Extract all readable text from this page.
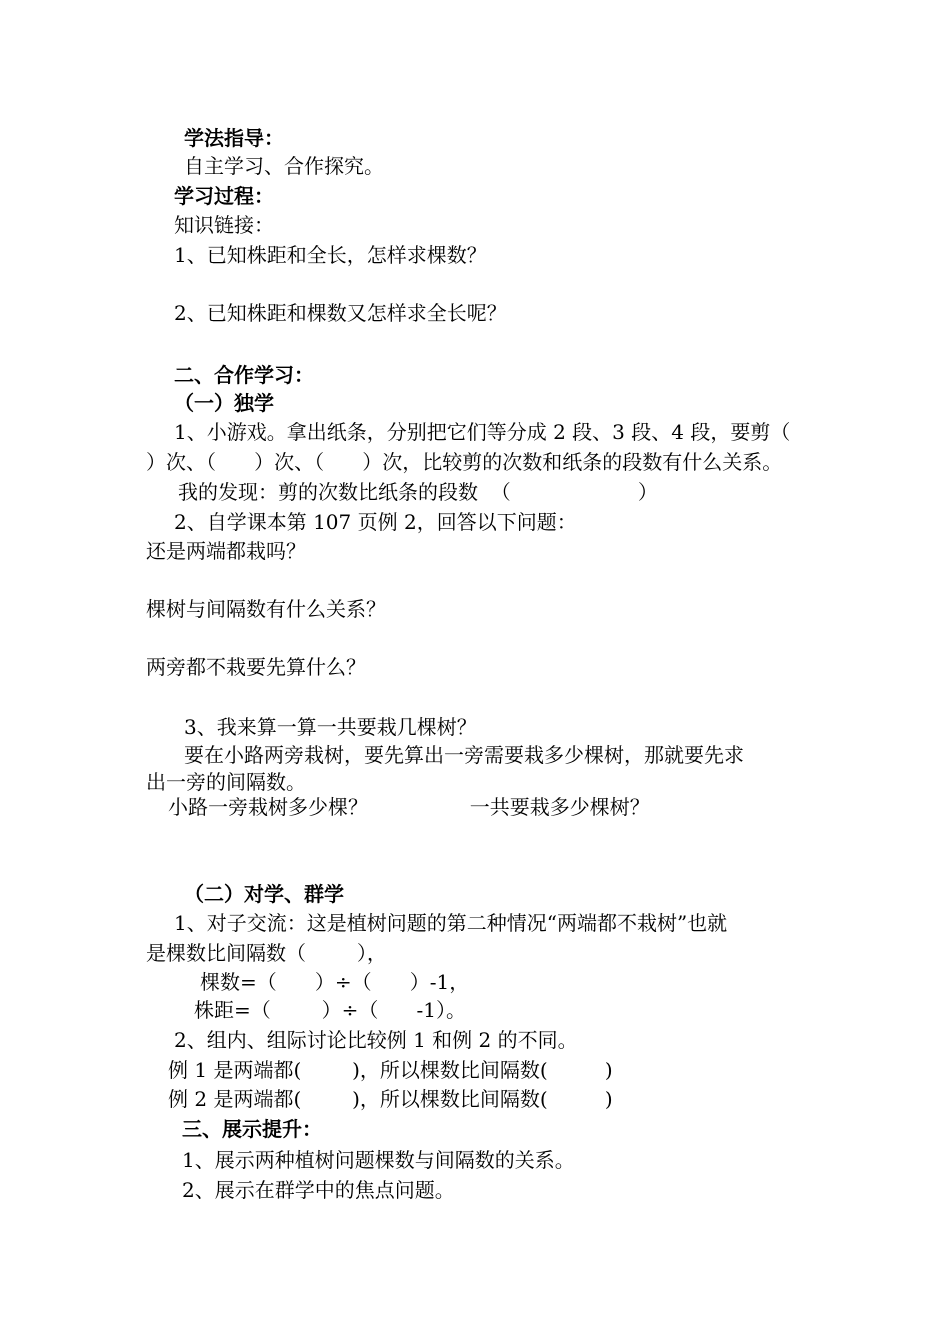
学法指导：

自主学习、合作探究。

学习过程：

知识链接：

1、已知株距和全长，怎样求棵数？

2、已知株距和棵数又怎样求全长呢？

二、合作学习：

（一）独学

1、小游戏。拿出纸条，分别把它们等分成 2 段、3 段、4 段，要剪（

）次、（      ）次、（      ）次，比较剪的次数和纸条的段数有什么关系。

我的发现：剪的次数比纸条的段数  （                    ）

2、自学课本第 107 页例 2，回答以下问题：

还是两端都栽吗？

棵树与间隔数有什么关系？

两旁都不栽要先算什么？

3、我来算一算一共要栽几棵树？

要在小路两旁栽树，要先算出一旁需要栽多少棵树，那就要先求

出一旁的间隔数。

小路一旁栽树多少棵？                一共要栽多少棵树？

（二）对学、群学

1、对子交流：这是植树问题的第二种情况“两端都不栽树”也就

是棵数比间隔数（        ），

棵数=（      ）÷（      ）-1，

株距=（        ）÷（      -1）。

2、组内、组际讨论比较例 1 和例 2 的不同。

例 1 是两端都(        )，所以棵数比间隔数(         )

例 2 是两端都(        )，所以棵数比间隔数(         )

三、展示提升：

1、展示两种植树问题棵数与间隔数的关系。

2、展示在群学中的焦点问题。
